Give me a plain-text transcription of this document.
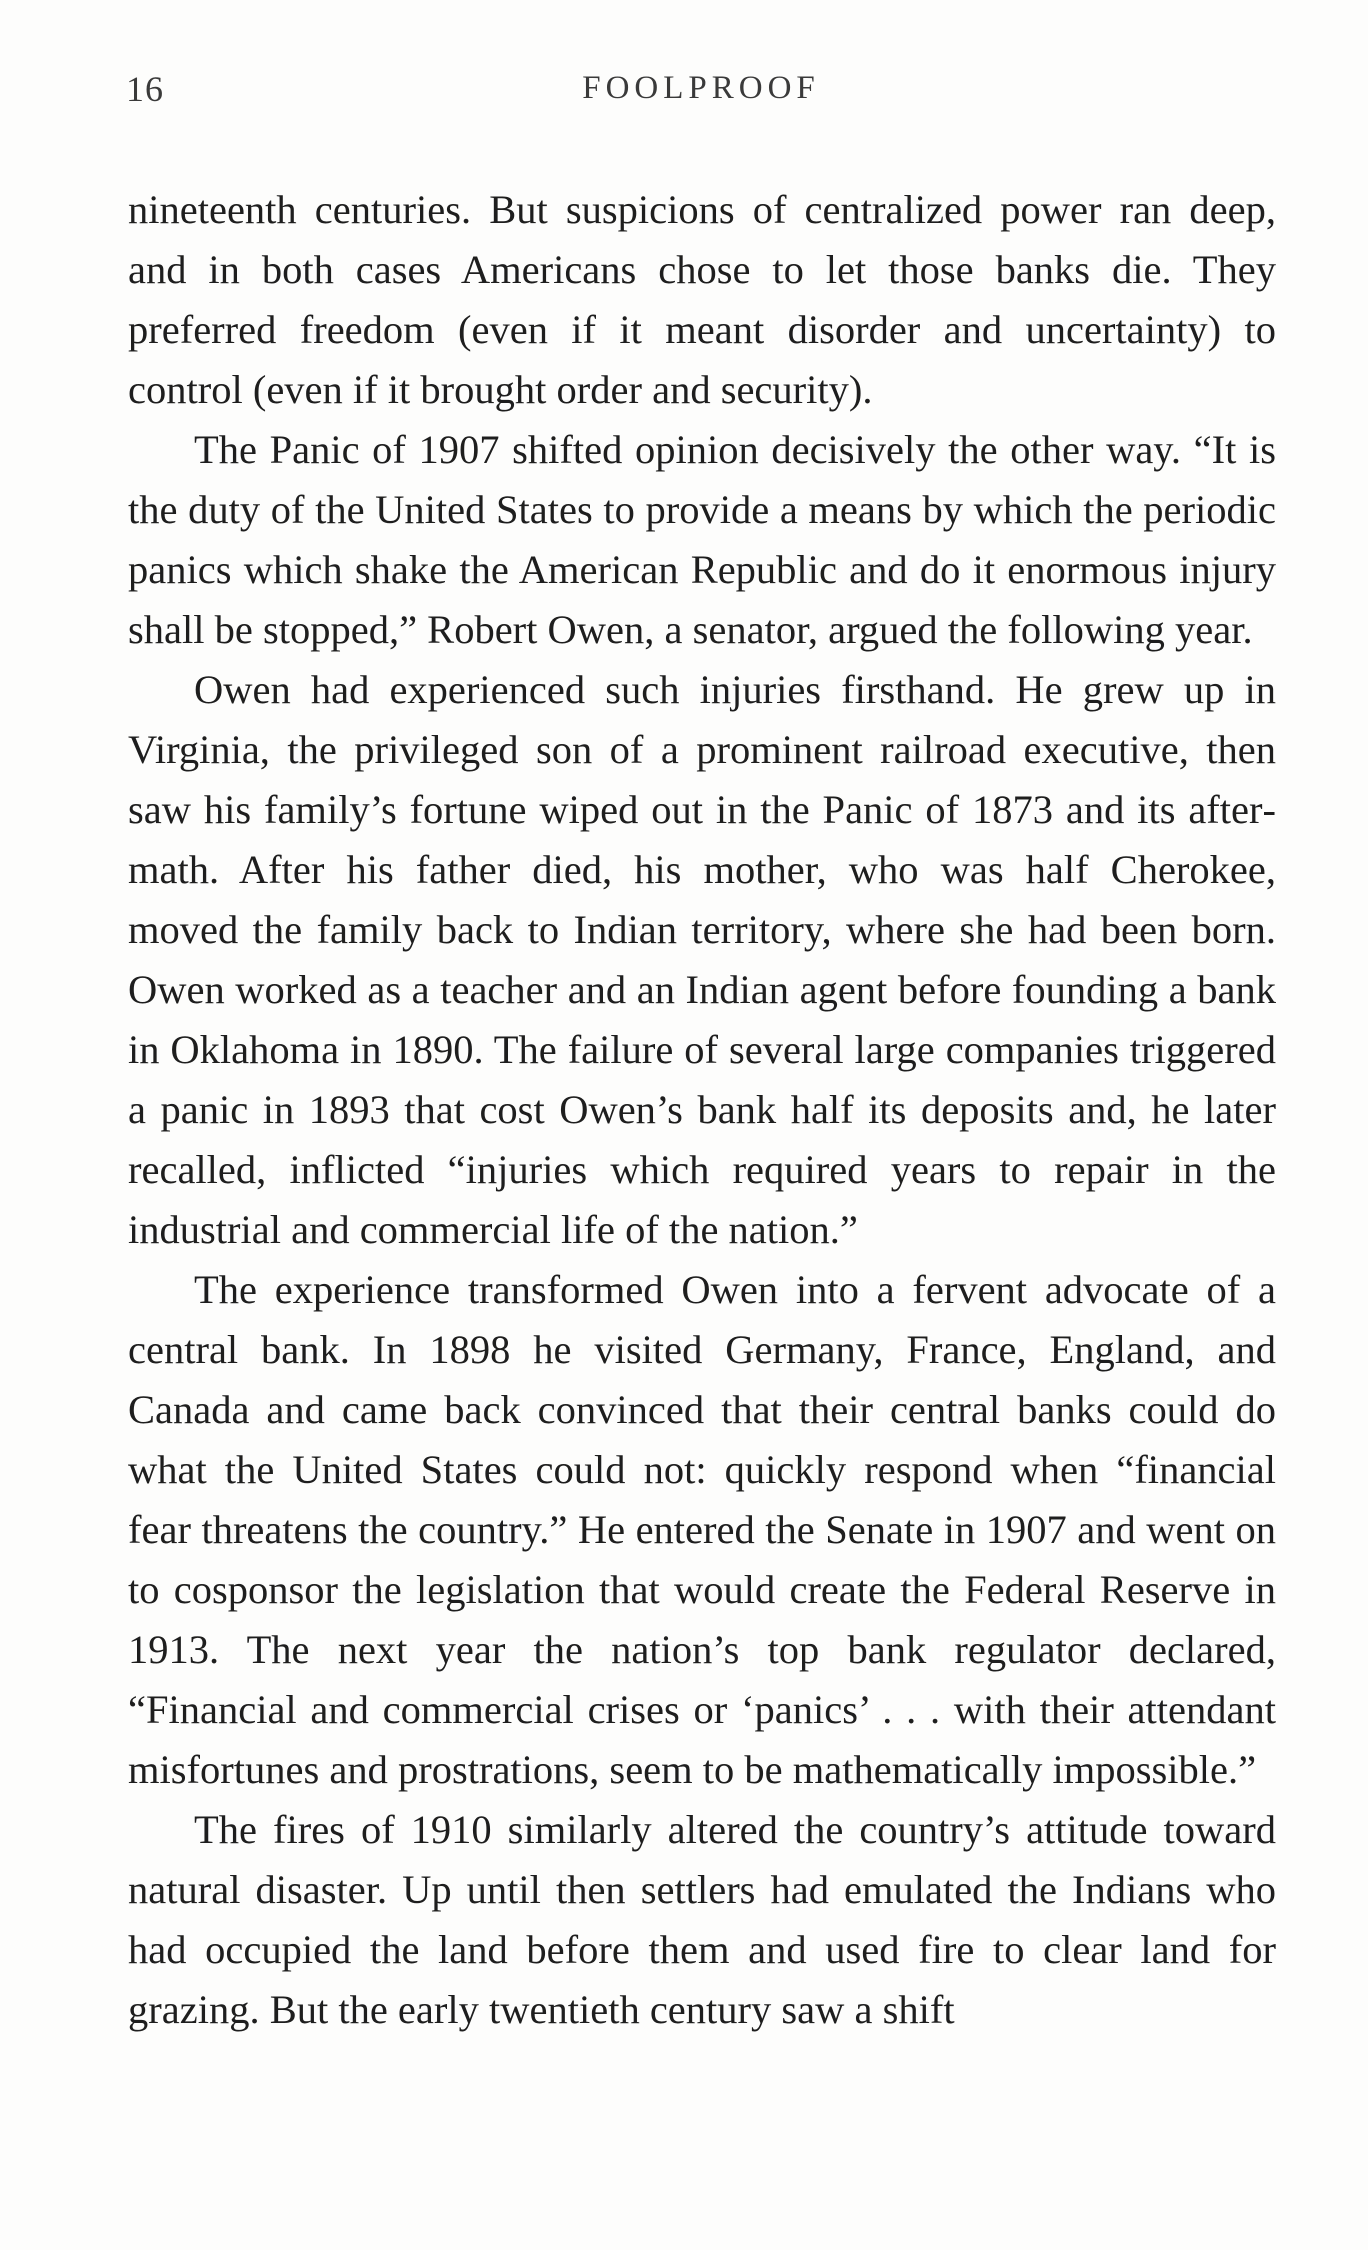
16	FOOLPROOF

nineteenth centuries. But suspicions of centralized power ran deep, and in both cases Americans chose to let those banks die. They preferred freedom (even if it meant disorder and uncertainty) to control (even if it brought order and security).

The Panic of 1907 shifted opinion decisively the other way. “It is the duty of the United States to provide a means by which the periodic panics which shake the American Republic and do it enormous injury shall be stopped,” Robert Owen, a senator, argued the following year.

Owen had experienced such injuries firsthand. He grew up in Virginia, the privileged son of a prominent railroad executive, then saw his family’s fortune wiped out in the Panic of 1873 and its aftermath. After his father died, his mother, who was half Cherokee, moved the family back to Indian territory, where she had been born. Owen worked as a teacher and an Indian agent before founding a bank in Oklahoma in 1890. The failure of several large companies triggered a panic in 1893 that cost Owen’s bank half its deposits and, he later recalled, inflicted “injuries which required years to repair in the industrial and commercial life of the nation.”

The experience transformed Owen into a fervent advocate of a central bank. In 1898 he visited Germany, France, England, and Canada and came back convinced that their central banks could do what the United States could not: quickly respond when “financial fear threatens the country.” He entered the Senate in 1907 and went on to cosponsor the legislation that would create the Federal Reserve in 1913. The next year the nation’s top bank regulator declared, “Financial and commercial crises or ‘panics’ . . . with their attendant misfortunes and prostrations, seem to be mathematically impossible.”

The fires of 1910 similarly altered the country’s attitude toward natural disaster. Up until then settlers had emulated the Indians who had occupied the land before them and used fire to clear land for grazing. But the early twentieth century saw a shift
